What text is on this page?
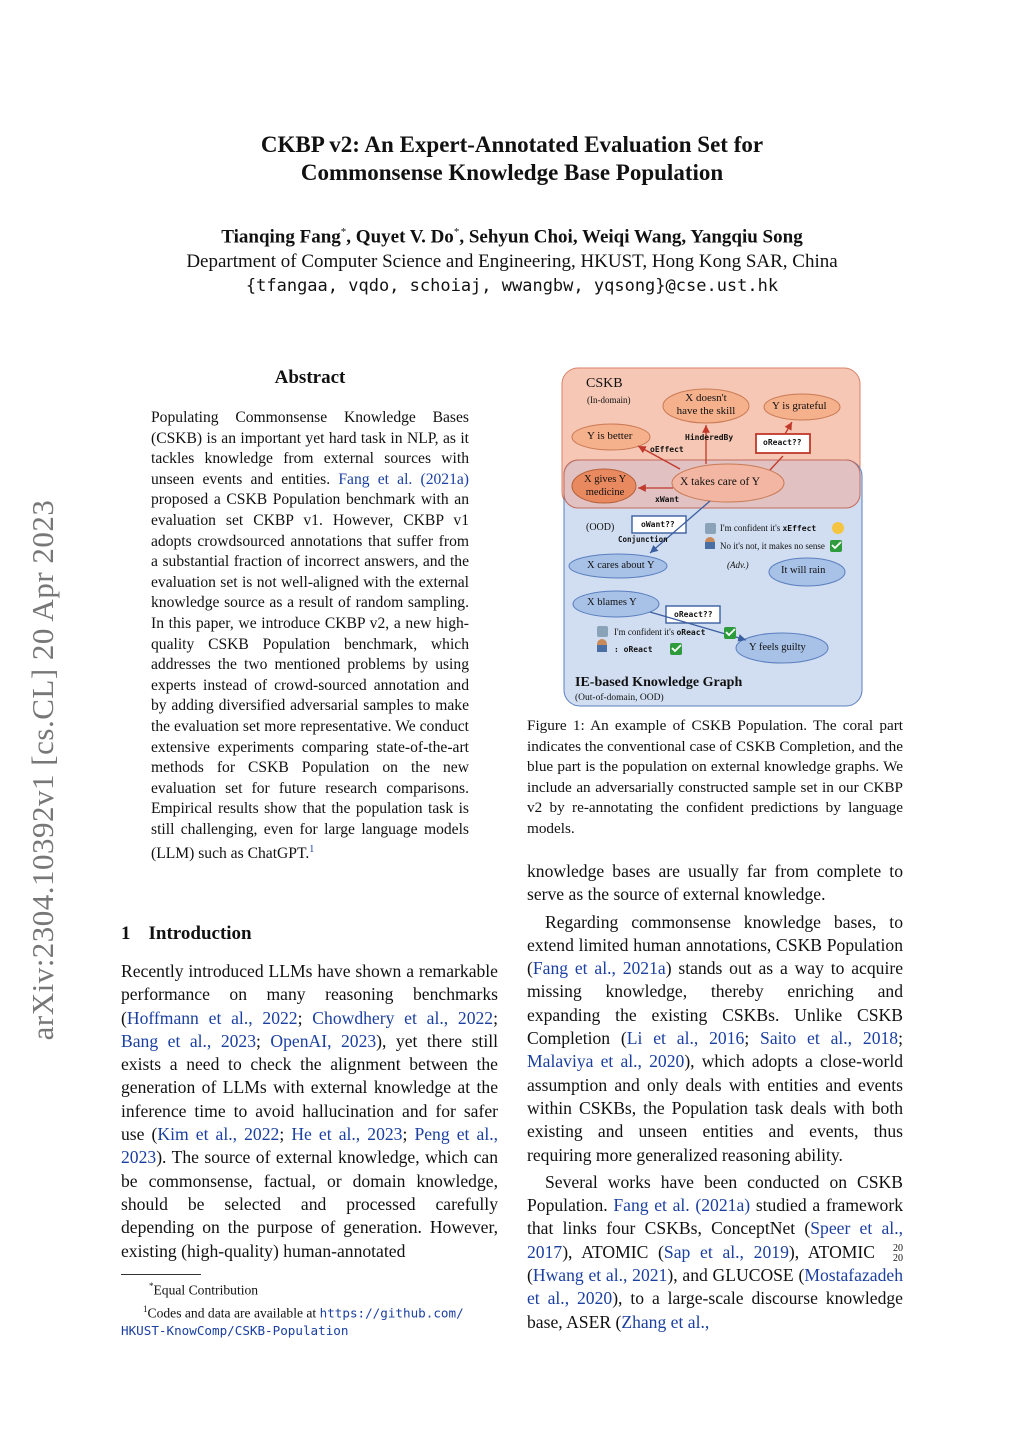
CKBP v2: An Expert-Annotated Evaluation Set for
Commonsense Knowledge Base Population
Tianqing Fang*, Quyet V. Do*, Sehyun Choi, Weiqi Wang, Yangqiu Song
Department of Computer Science and Engineering, HKUST, Hong Kong SAR, China
{tfangaa, vqdo, schoiaj, wwangbw, yqsong}@cse.ust.hk
arXiv:2304.10392v1 [cs.CL] 20 Apr 2023
Abstract
Populating Commonsense Knowledge Bases (CSKB) is an important yet hard task in NLP, as it tackles knowledge from external sources with unseen events and entities. Fang et al. (2021a) proposed a CSKB Population benchmark with an evaluation set CKBP v1. However, CKBP v1 adopts crowdsourced annotations that suffer from a substantial fraction of incorrect answers, and the evaluation set is not well-aligned with the external knowledge source as a result of random sampling. In this paper, we introduce CKBP v2, a new high-quality CSKB Population benchmark, which addresses the two mentioned problems by using experts instead of crowd-sourced annotation and by adding diversified adversarial samples to make the evaluation set more representative. We conduct extensive experiments comparing state-of-the-art methods for CSKB Population on the new evaluation set for future research comparisons. Empirical results show that the population task is still challenging, even for large language models (LLM) such as ChatGPT.$^1$
1 Introduction
Recently introduced LLMs have shown a remarkable performance on many reasoning benchmarks (Hoffmann et al., 2022; Chowdhery et al., 2022; Bang et al., 2023; OpenAI, 2023), yet there still exists a need to check the alignment between the generation of LLMs with external knowledge at the inference time to avoid hallucination and for safer use (Kim et al., 2022; He et al., 2023; Peng et al., 2023). The source of external knowledge, which can be commonsense, factual, or domain knowledge, should be selected and processed carefully depending on the purpose of generation. However, existing (high-quality) human-annotated
*Equal Contribution
$^1$Codes and data are available at https://github.com/
HKUST-KnowComp/CSKB-Population
CSKB
(In-domain)	X doesn't
have the skill	Y is grateful
Y is better	HinderedBy
oEffect
oReact??
X gives Y
medicine
X takes care of Y
xWant
(OOD)	oWant??
Conjunction
I'm confident it's xEffect
No it's not, it makes no sense
X cares about Y	(Adv.)	It will rain
X blames Y
oReact??
I'm confident it's oReact
: oReact	Y feels guilty
IE-based Knowledge Graph
(Out-of-domain, OOD)
Figure 1: An example of CSKB Population. The coral part indicates the conventional case of CSKB Completion, and the blue part is the population on external knowledge graphs. We include an adversarially constructed sample set in our CKBP v2 by re-annotating the confident predictions by language models.

knowledge bases are usually far from complete to serve as the source of external knowledge.

Regarding commonsense knowledge bases, to extend limited human annotations, CSKB Population (Fang et al., 2021a) stands out as a way to acquire missing knowledge, thereby enriching and expanding the existing CSKBs. Unlike CSKB Completion (Li et al., 2016; Saito et al., 2018; Malaviya et al., 2020), which adopts a close-world assumption and only deals with entities and events within CSKBs, the Population task deals with both existing and unseen entities and events, thus requiring more generalized reasoning ability.

Several works have been conducted on CSKB Population. Fang et al. (2021a) studied a framework that links four CSKBs, ConceptNet (Speer et al., 2017), ATOMIC (Sap et al., 2019), ATOMIC	20
20
(Hwang et al., 2021), and GLUCOSE (Mostafazadeh et al., 2020), to a large-scale discourse knowledge base, ASER (Zhang et al.,
